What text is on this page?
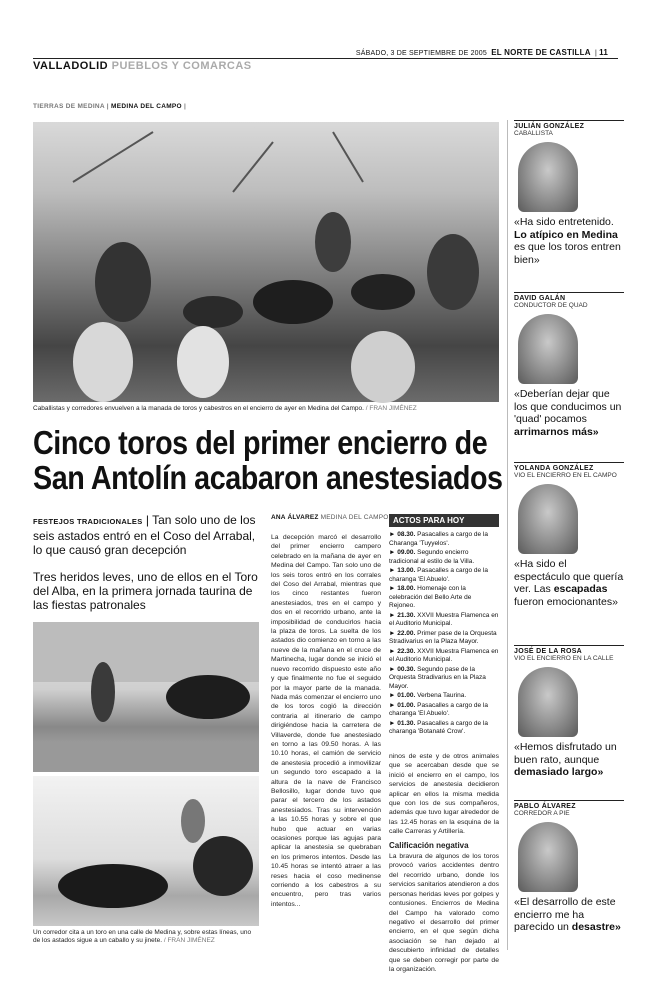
SÁBADO, 3 DE SEPTIEMBRE DE 2005 EL NORTE DE CASTILLA  | 11
VALLADOLID PUEBLOS Y COMARCAS
TIERRAS DE MEDINA | MEDINA DEL CAMPO |
Caballistas y corredores envuelven a la manada de toros y cabestros en el encierro de ayer en Medina del Campo. / FRAN JIMÉNEZ
Cinco toros del primer encierro de
San Antolín acabaron anestesiados
FESTEJOS TRADICIONALES | Tan solo uno de los seis astados entró en el Coso del Arrabal, lo que causó gran decepción
Tres heridos leves, uno de ellos en el Toro del Alba, en la primera jornada taurina de las fiestas patronales
Un corredor cita a un toro en una calle de Medina y, sobre estas líneas, uno de los astados sigue a un caballo y su jinete. / FRAN JIMÉNEZ
ANA ÁLVAREZ MEDINA DEL CAMPO
La decepción marcó el desarrollo del primer encierro campero celebrado en la mañana de ayer en Medina del Campo. Tan solo uno de los seis toros entró en los corrales del Coso del Arrabal, mientras que los cinco restantes fueron anestesiados, tres en el campo y dos en el recorrido urbano, ante la imposibilidad de conducirlos hacia la plaza de toros. La suelta de los astados dio comienzo en torno a las nueve de la mañana en el cruce de Martinecha, lugar donde se inició el nuevo recorrido dispuesto este año y que finalmente no fue el seguido por la mayor parte de la manada. Nada más comenzar el encierro uno de los toros cogió la dirección contraria al itinerario de campo dirigiéndose hacia la carretera de Villaverde, donde fue anestesiado en torno a las 09.50 horas. A las 10.10 horas, el camión de servicio de anestesia procedió a inmovilizar un segundo toro escapado a la altura de la nave de Francisco Bellosillo, lugar donde tuvo que parar el tercero de los astados anestesiados. Tras su intervención a las 10.55 horas y sobre el que hubo que actuar en varias ocasiones porque las agujas para aplicar la anestesia se quebraban en los primeros intentos. Desde las 10.45 horas se intentó atraer a las reses hacia el coso medinense corriendo a los cabestros a su encuentro, pero tras varios intentos...
ACTOS PARA HOY
► 08.30. Pasacalles a cargo de la Charanga 'Tuyyelos'.
► 09.00. Segundo encierro tradicional al estilo de la Villa.
► 13.00. Pasacalles a cargo de la charanga 'El Abuelo'.
► 18.00. Homenaje con la celebración del Bello Arte de Rejoneo.
► 21.30. XXVII Muestra Flamenca en el Auditorio Municipal.
► 22.00. Primer pase de la Orquesta Stradivarius en la Plaza Mayor.
► 22.30. XXVII Muestra Flamenca en el Auditorio Municipal.
► 00.30. Segundo pase de la Orquesta Stradivarius en la Plaza Mayor.
► 01.00. Verbena Taurina.
► 01.00. Pasacalles a cargo de la charanga 'El Abuelo'.
► 01.30. Pasacalles a cargo de la charanga 'Botanaté Crow'.
ninos de este y de otros animales que se acercaban desde que se inició el encierro en el campo, los servicios de anestesia decidieron aplicar en ellos la misma medida que con los de sus compañeros, además que tuvo lugar alrededor de las 12.45 horas en la esquina de la calle Carreras y Artillería.
Calificación negativa
La bravura de algunos de los toros provocó varios accidentes dentro del recorrido urbano, donde los servicios sanitarios atendieron a dos personas heridas leves por golpes y contusiones. Encierros de Medina del Campo ha valorado como negativo el desarrollo del primer encierro, en el que según dicha asociación se han dejado al descubierto infinidad de detalles que se deben corregir por parte de la organización.
JULIÁN GONZÁLEZ
CABALLISTA
«Ha sido entretenido. Lo atípico en Medina es que los toros entren bien»
DAVID GALÁN
CONDUCTOR DE QUAD
«Deberían dejar que los que conducimos un 'quad' pocamos arrimarnos más»
YOLANDA GONZÁLEZ
VIO EL ENCIERRO EN EL CAMPO
«Ha sido el espectáculo que quería ver. Las escapadas fueron emocionantes»
JOSÉ DE LA ROSA
VIO EL ENCIERRO EN LA CALLE
«Hemos disfrutado un buen rato, aunque demasiado largo»
PABLO ÁLVAREZ
CORREDOR A PIE
«El desarrollo de este encierro me ha parecido un desastre»
